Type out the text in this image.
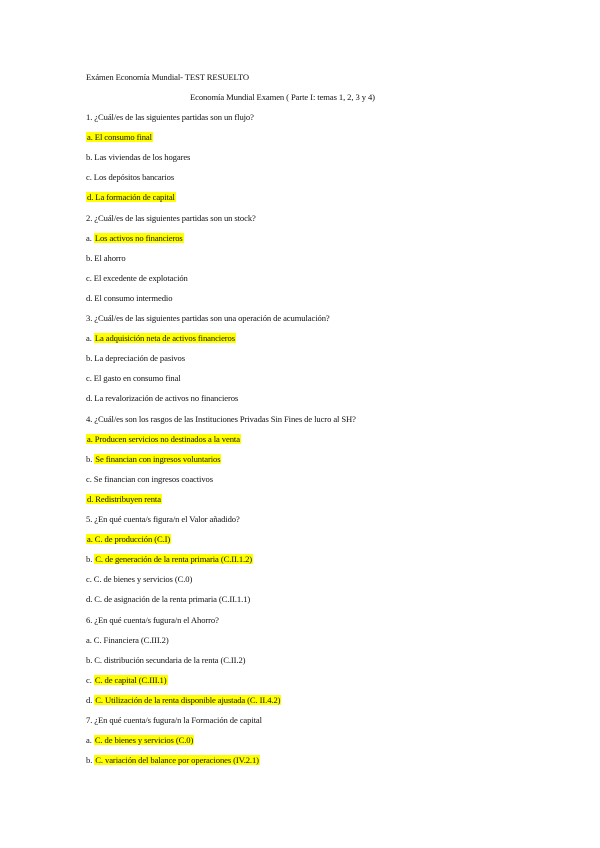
Exámen Economía Mundial- TEST RESUELTO
Economía Mundial Examen ( Parte I: temas 1, 2, 3 y 4)
1. ¿Cuál/es de las siguientes partidas son un flujo?
a. El consumo final
b. Las viviendas de los hogares
c. Los depósitos bancarios
d. La formación de capital
2. ¿Cuál/es de las siguientes partidas son un stock?
a. Los activos no financieros
b. El ahorro
c. El excedente de explotación
d. El consumo intermedio
3. ¿Cuál/es de las siguientes partidas son una operación de acumulación?
a. La adquisición neta de activos financieros
b. La depreciación de pasivos
c. El gasto en consumo final
d. La revalorización de activos no financieros
4. ¿Cuál/es son los rasgos de las Instituciones Privadas Sin Fines de lucro al SH?
a. Producen servicios no destinados a la venta
b. Se financian con ingresos voluntarios
c. Se financian con ingresos coactivos
d. Redistribuyen renta
5. ¿En qué cuenta/s figura/n el Valor añadido?
a. C. de producción (C.I)
b. C. de generación de la renta primaria (C.II.1.2)
c. C. de bienes y servicios (C.0)
d. C. de asignación de la renta primaria (C.II.1.1)
6. ¿En qué cuenta/s fugura/n el Ahorro?
a. C. Financiera (C.III.2)
b. C. distribución secundaria de la renta (C.II.2)
c. C. de capital (C.III.1)
d. C. Utilización de la renta disponible ajustada (C. II.4.2)
7. ¿En qué cuenta/s fugura/n la Formación de capital
a. C. de bienes y servicios (C.0)
b. C. variación del balance por operaciones (IV.2.1)
